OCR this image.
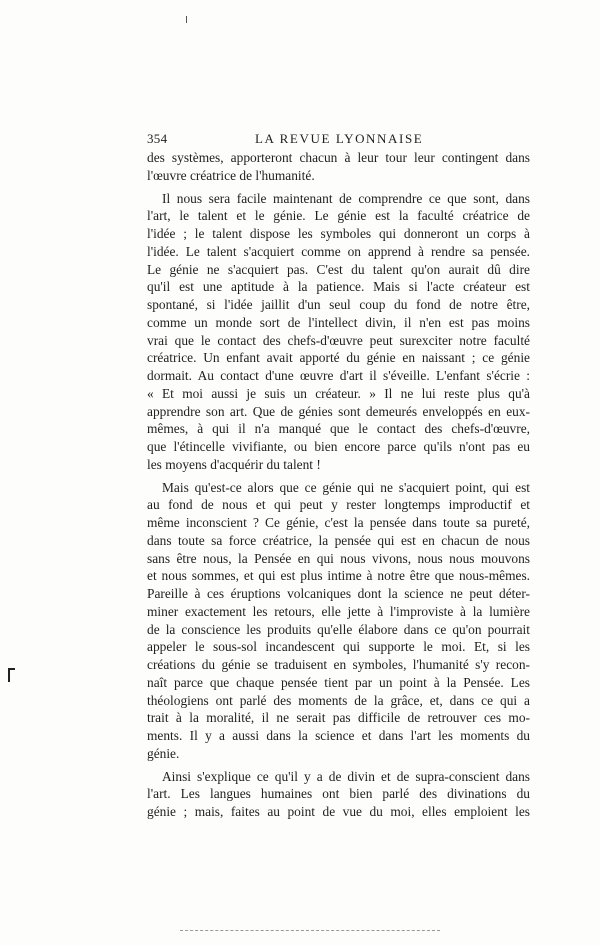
354	LA REVUE LYONNAISE
des systèmes, apporteront chacun à leur tour leur contingent dans
l'œuvre créatrice de l'humanité.
Il nous sera facile maintenant de comprendre ce que sont, dans
l'art, le talent et le génie. Le génie est la faculté créatrice de
l'idée ; le talent dispose les symboles qui donneront un corps à
l'idée. Le talent s'acquiert comme on apprend à rendre sa pensée.
Le génie ne s'acquiert pas. C'est du talent qu'on aurait dû dire
qu'il est une aptitude à la patience. Mais si l'acte créateur est
spontané, si l'idée jaillit d'un seul coup du fond de notre être,
comme un monde sort de l'intellect divin, il n'en est pas moins
vrai que le contact des chefs-d'œuvre peut surexciter notre faculté
créatrice. Un enfant avait apporté du génie en naissant ; ce génie
dormait. Au contact d'une œuvre d'art il s'éveille. L'enfant s'écrie :
« Et moi aussi je suis un créateur. » Il ne lui reste plus qu'à
apprendre son art. Que de génies sont demeurés enveloppés en eux-
mêmes, à qui il n'a manqué que le contact des chefs-d'œuvre,
que l'étincelle vivifiante, ou bien encore parce qu'ils n'ont pas eu
les moyens d'acquérir du talent !
Mais qu'est-ce alors que ce génie qui ne s'acquiert point, qui est
au fond de nous et qui peut y rester longtemps improductif et
même inconscient ? Ce génie, c'est la pensée dans toute sa pureté,
dans toute sa force créatrice, la pensée qui est en chacun de nous
sans être nous, la Pensée en qui nous vivons, nous nous mouvons
et nous sommes, et qui est plus intime à notre être que nous-mêmes.
Pareille à ces éruptions volcaniques dont la science ne peut déter-
miner exactement les retours, elle jette à l'improviste à la lumière
de la conscience les produits qu'elle élabore dans ce qu'on pourrait
appeler le sous-sol incandescent qui supporte le moi. Et, si les
créations du génie se traduisent en symboles, l'humanité s'y recon-
naît parce que chaque pensée tient par un point à la Pensée. Les
théologiens ont parlé des moments de la grâce, et, dans ce qui a
trait à la moralité, il ne serait pas difficile de retrouver ces mo-
ments. Il y a aussi dans la science et dans l'art les moments du
génie.
Ainsi s'explique ce qu'il y a de divin et de supra-conscient dans
l'art. Les langues humaines ont bien parlé des divinations du
génie ; mais, faites au point de vue du moi, elles emploient les
